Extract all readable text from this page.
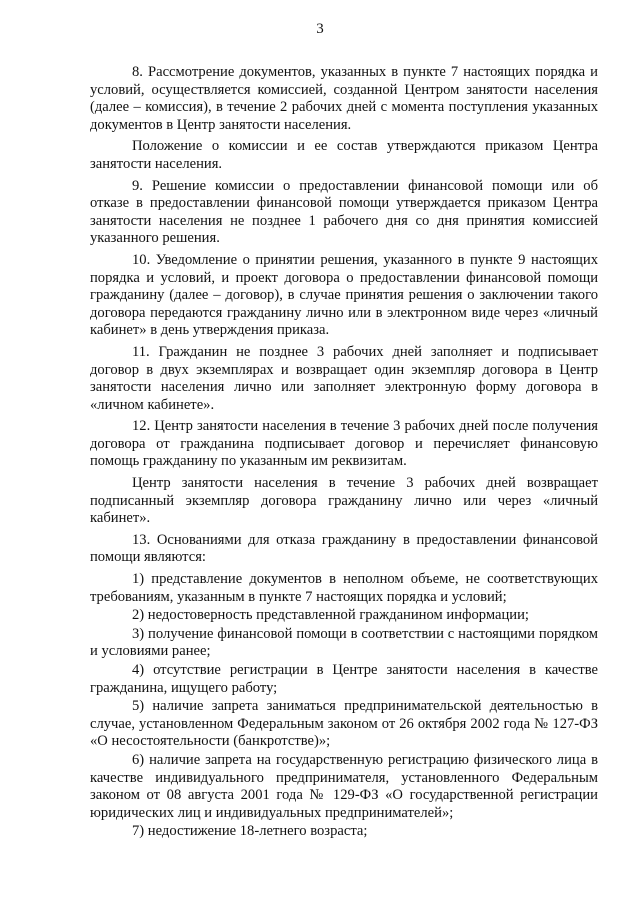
3

8. Рассмотрение документов, указанных в пункте 7 настоящих порядка и условий, осуществляется комиссией, созданной Центром занятости населения (далее – комиссия), в течение 2 рабочих дней с момента поступления указанных документов в Центр занятости населения.

Положение о комиссии и ее состав утверждаются приказом Центра занятости населения.

9. Решение комиссии о предоставлении финансовой помощи или об отказе в предоставлении финансовой помощи утверждается приказом Центра занятости населения не позднее 1 рабочего дня со дня принятия комиссией указанного решения.

10. Уведомление о принятии решения, указанного в пункте 9 настоящих порядка и условий, и проект договора о предоставлении финансовой помощи гражданину (далее – договор), в случае принятия решения о заключении такого договора передаются гражданину лично или в электронном виде через «личный кабинет» в день утверждения приказа.

11. Гражданин не позднее 3 рабочих дней заполняет и подписывает договор в двух экземплярах и возвращает один экземпляр договора в Центр занятости населения лично или заполняет электронную форму договора в «личном кабинете».

12. Центр занятости населения в течение 3 рабочих дней после получения договора от гражданина подписывает договор и перечисляет финансовую помощь гражданину по указанным им реквизитам.

Центр занятости населения в течение 3 рабочих дней возвращает подписанный экземпляр договора гражданину лично или через «личный кабинет».

13. Основаниями для отказа гражданину в предоставлении финансовой помощи являются:

1) представление документов в неполном объеме, не соответствующих требованиям, указанным в пункте 7 настоящих порядка и условий;

2) недостоверность представленной гражданином информации;

3) получение финансовой помощи в соответствии с настоящими порядком и условиями ранее;

4) отсутствие регистрации в Центре занятости населения в качестве гражданина, ищущего работу;

5) наличие запрета заниматься предпринимательской деятельностью в случае, установленном Федеральным законом от 26 октября 2002 года № 127-ФЗ «О несостоятельности (банкротстве)»;

6) наличие запрета на государственную регистрацию физического лица в качестве индивидуального предпринимателя, установленного Федеральным законом от 08 августа 2001 года № 129-ФЗ «О государственной регистрации юридических лиц и индивидуальных предпринимателей»;

7) недостижение 18-летнего возраста;
